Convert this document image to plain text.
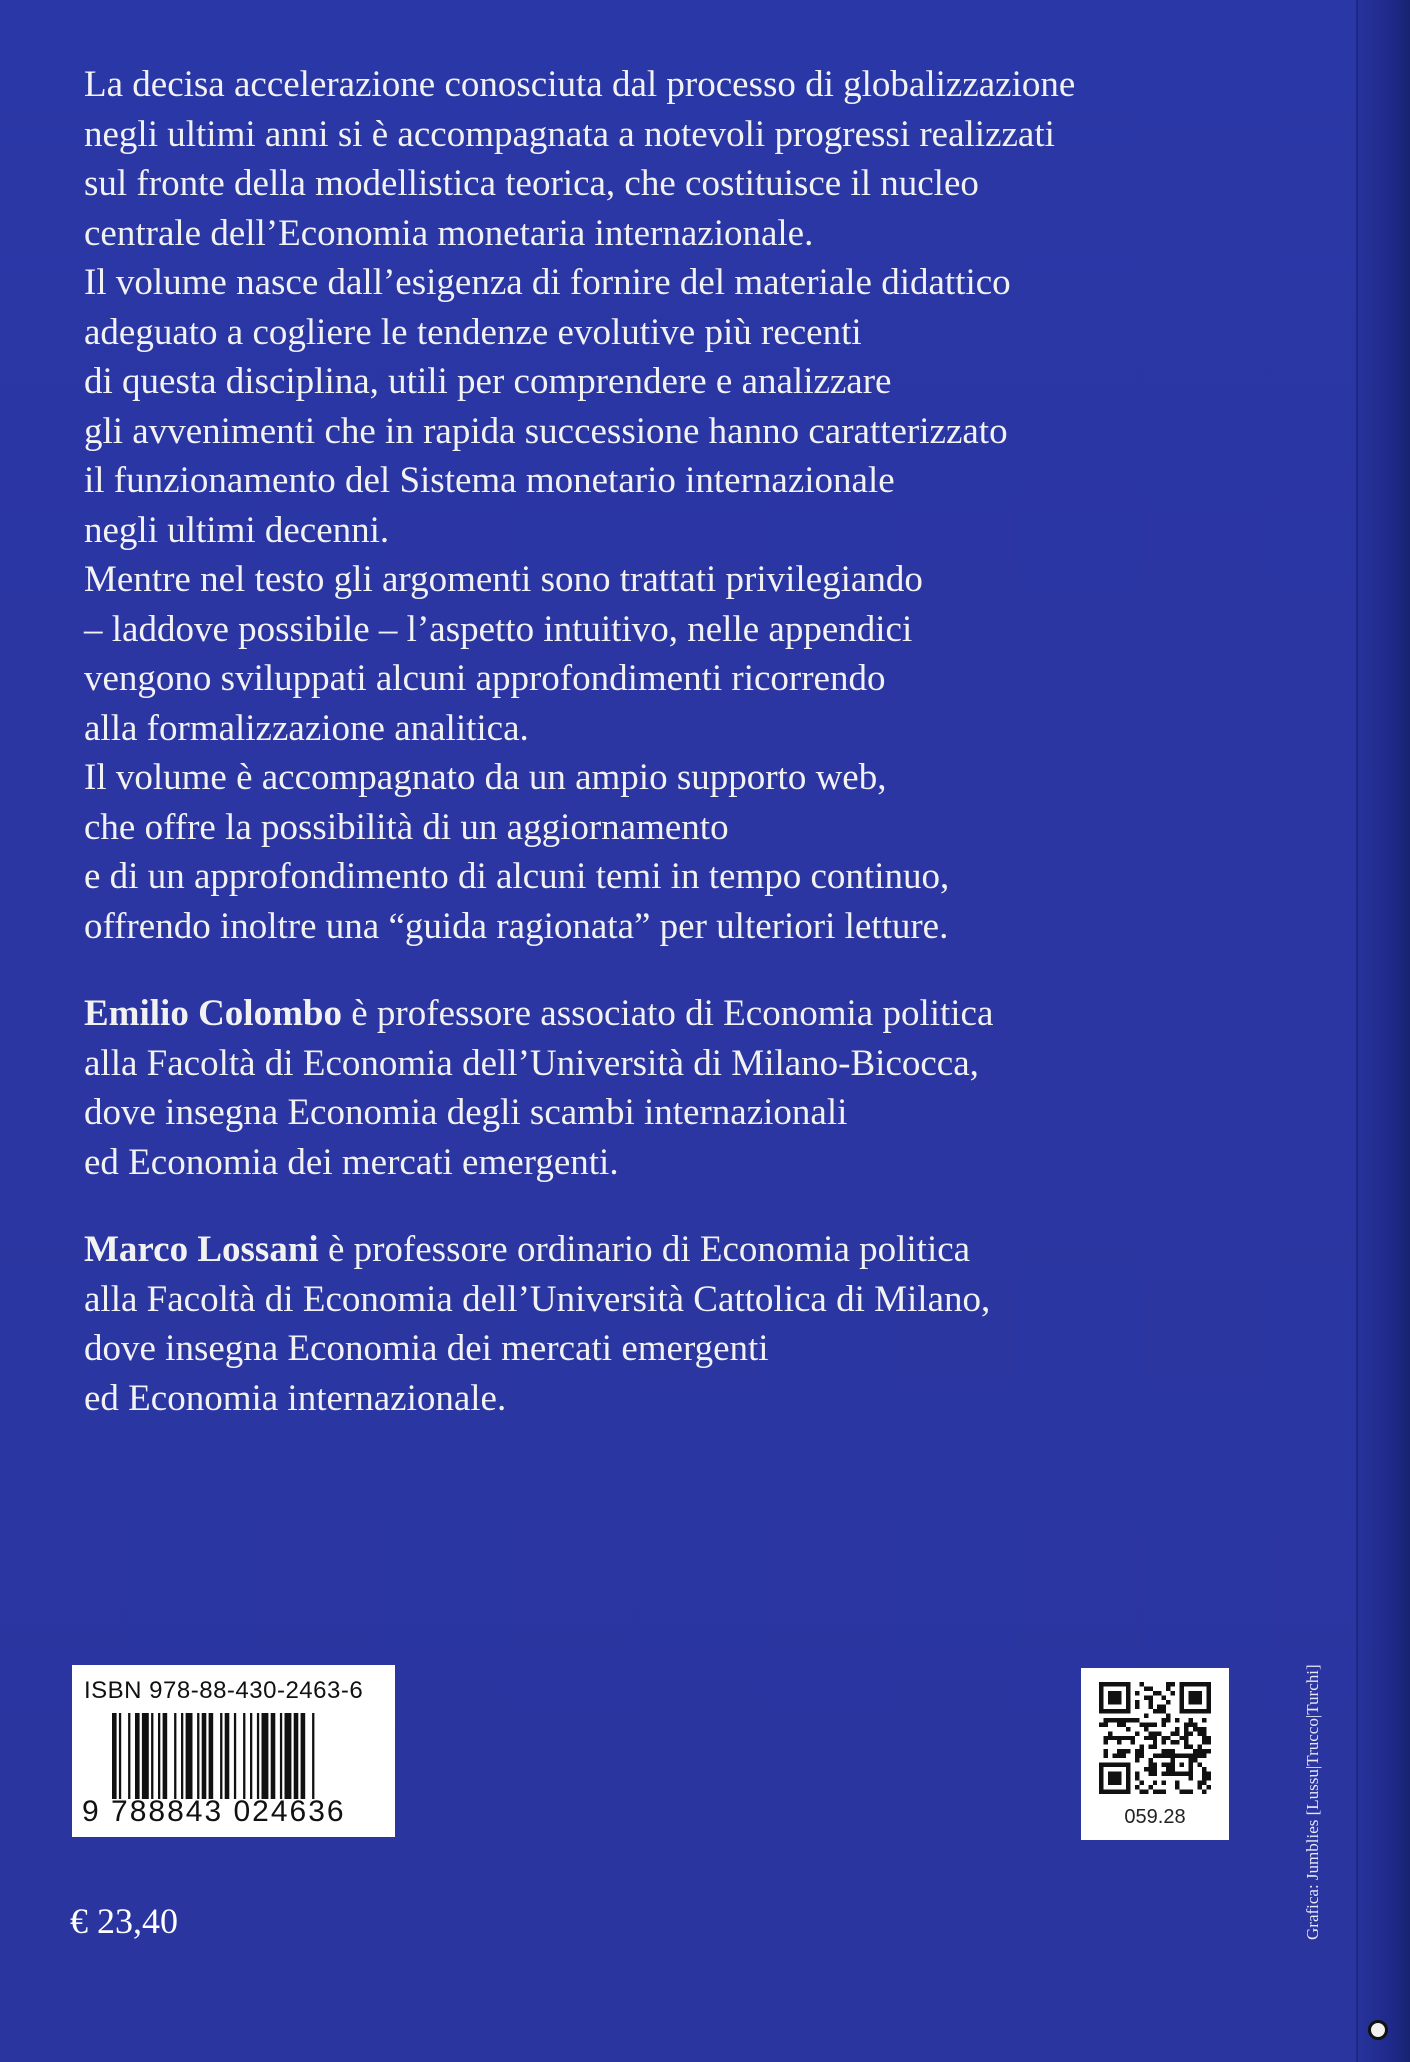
La decisa accelerazione conosciuta dal processo di globalizzazione
negli ultimi anni si è accompagnata a notevoli progressi realizzati
sul fronte della modellistica teorica, che costituisce il nucleo
centrale dell’Economia monetaria internazionale.
Il volume nasce dall’esigenza di fornire del materiale didattico
adeguato a cogliere le tendenze evolutive più recenti
di questa disciplina, utili per comprendere e analizzare
gli avvenimenti che in rapida successione hanno caratterizzato
il funzionamento del Sistema monetario internazionale
negli ultimi decenni.
Mentre nel testo gli argomenti sono trattati privilegiando
– laddove possibile – l’aspetto intuitivo, nelle appendici
vengono sviluppati alcuni approfondimenti ricorrendo
alla formalizzazione analitica.
Il volume è accompagnato da un ampio supporto web,
che offre la possibilità di un aggiornamento
e di un approfondimento di alcuni temi in tempo continuo,
offrendo inoltre una “guida ragionata” per ulteriori letture.
Emilio Colombo è professore associato di Economia politica
alla Facoltà di Economia dell’Università di Milano-Bicocca,
dove insegna Economia degli scambi internazionali
ed Economia dei mercati emergenti.
Marco Lossani è professore ordinario di Economia politica
alla Facoltà di Economia dell’Università Cattolica di Milano,
dove insegna Economia dei mercati emergenti
ed Economia internazionale.
ISBN 978-88-430-2463-6
9 788843 024636	059.28
€ 23,40	Grafica: Jumblies [Lussu|Trucco|Turchi]
